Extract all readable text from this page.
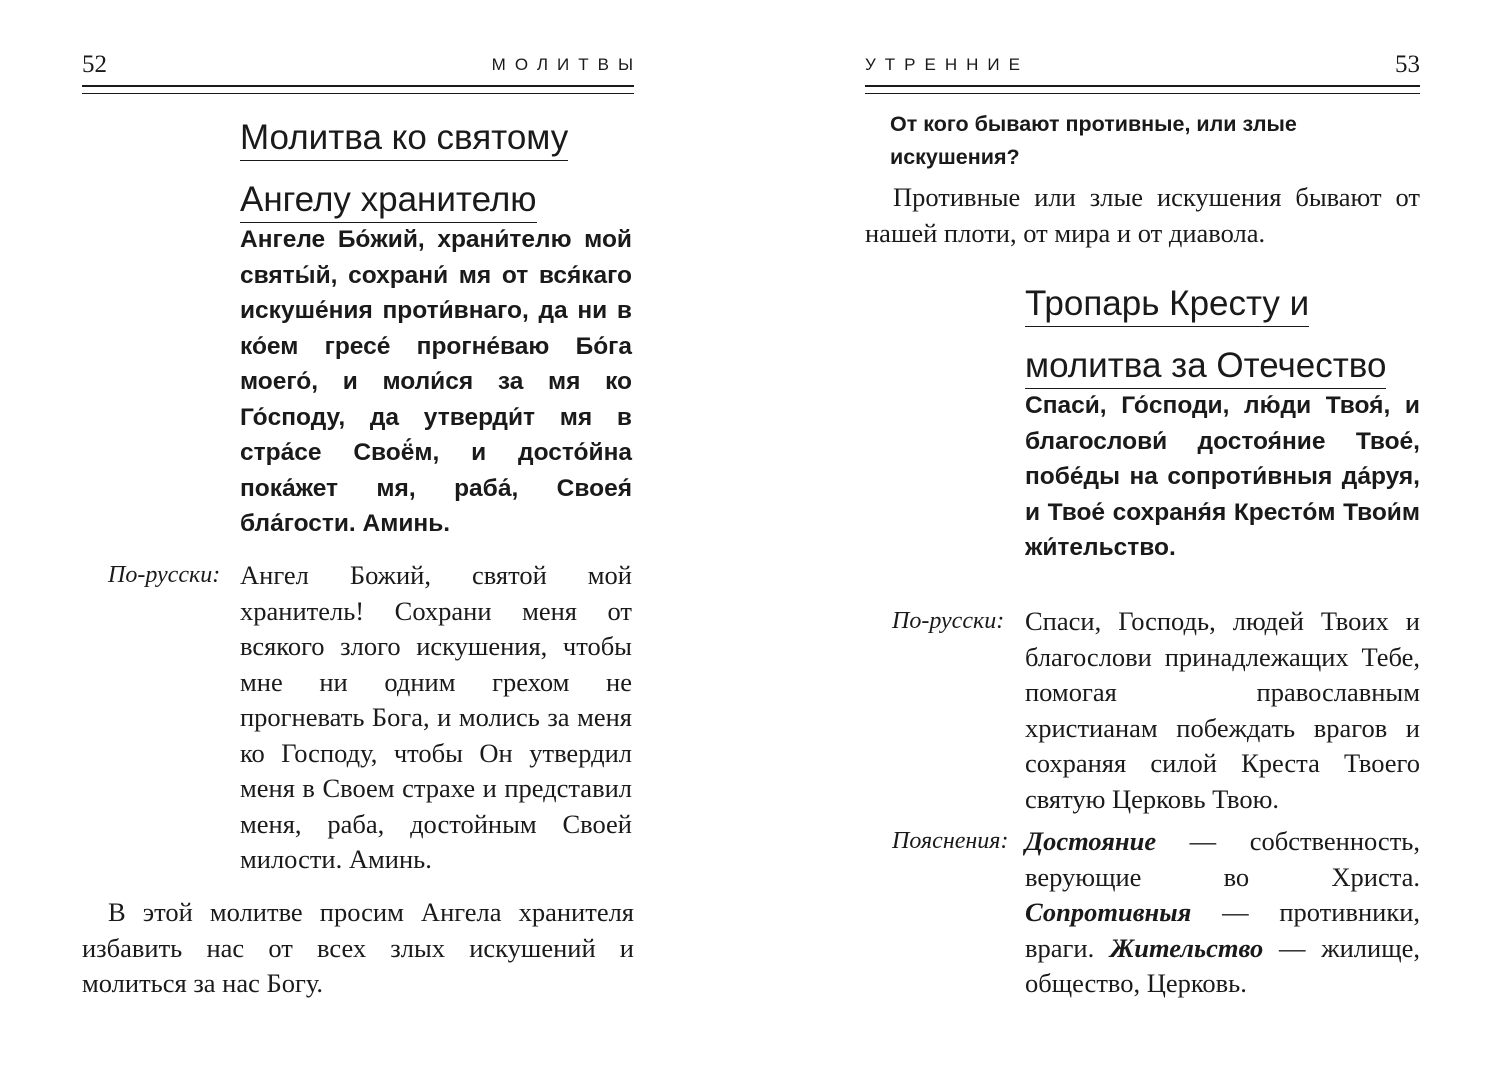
52	МОЛИТВЫ
Молитва ко святому
Ангелу хранителю

Ангеле Бо́жий, храни́телю мой святы́й, сохрани́ мя от вся́каго искуше́ния проти́внаго, да ни в ко́ем гресе́ прогне́ваю Бо́га моего́, и моли́ся за мя ко Го́споду, да утверди́т мя в стра́се Своё́м, и досто́йна пока́жет мя, раба́, Своея́ бла́гости. Аминь.

По-русски: Ангел Божий, святой мой хранитель! Сохрани меня от всякого злого искушения, чтобы мне ни одним грехом не прогневать Бога, и молись за меня ко Господу, чтобы Он утвердил меня в Своем страхе и представил меня, раба, достойным Своей милости. Аминь.

В этой молитве просим Ангела хранителя избавить нас от всех злых искушений и молиться за нас Богу.

УТРЕННИЕ	53

От кого бывают противные, или злые искушения?

Противные или злые искушения бывают от нашей плоти, от мира и от диавола.

Тропарь Кресту и
молитва за Отечество

Спаси́, Го́споди, лю́ди Твоя́, и благослови́ достоя́ние Твое́, побе́ды на сопроти́вныя да́руя, и Твое́ сохраня́я Кресто́м Твои́м жи́тельство.

По-русски: Спаси, Господь, людей Твоих и благослови принадлежащих Тебе, помогая православным христианам побеждать врагов и сохраняя силой Креста Твоего святую Церковь Твою.

Пояснения: Достояние — собственность, верующие во Христа. Сопротивныя — противники, враги. Жительство — жилище, общество, Церковь.
